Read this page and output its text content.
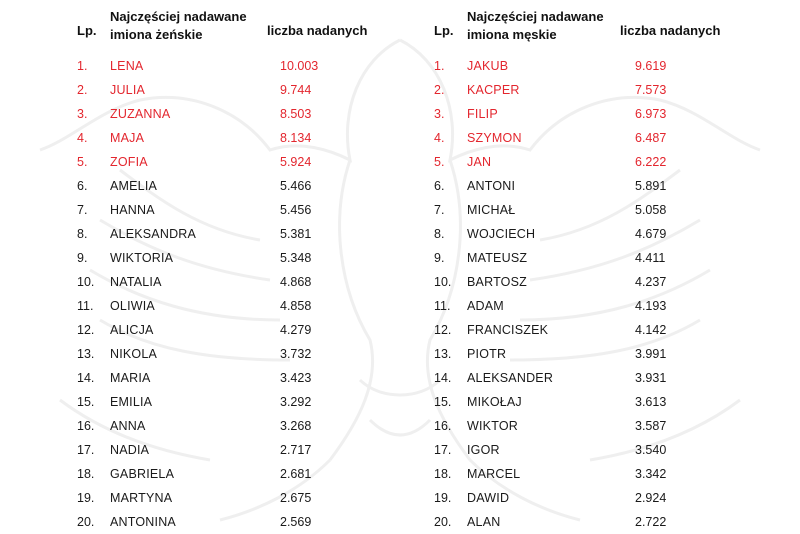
Lp.
Najczęściej nadawane
imiona żeńskie	liczba nadanych
1. LENA	10.003
2. JULIA	9.744
3. ZUZANNA	8.503
4. MAJA	8.134
5. ZOFIA	5.924
6. AMELIA	5.466
7. HANNA	5.456
8. ALEKSANDRA	5.381
9. WIKTORIA	5.348
10. NATALIA	4.868
11. OLIWIA	4.858
12. ALICJA	4.279
13. NIKOLA	3.732
14. MARIA	3.423
15. EMILIA	3.292
16. ANNA	3.268
17. NADIA	2.717
18. GABRIELA	2.681
19. MARTYNA	2.675
20. ANTONINA	2.569
Lp.
Najczęściej nadawane
imiona męskie	liczba nadanych
1. JAKUB	9.619
2. KACPER	7.573
3. FILIP	6.973
4. SZYMON	6.487
5. JAN	6.222
6. ANTONI	5.891
7. MICHAŁ	5.058
8. WOJCIECH	4.679
9. MATEUSZ	4.411
10. BARTOSZ	4.237
11. ADAM	4.193
12. FRANCISZEK	4.142
13. PIOTR	3.991
14. ALEKSANDER	3.931
15. MIKOŁAJ	3.613
16. WIKTOR	3.587
17. IGOR	3.540
18. MARCEL	3.342
19. DAWID	2.924
20. ALAN	2.722
